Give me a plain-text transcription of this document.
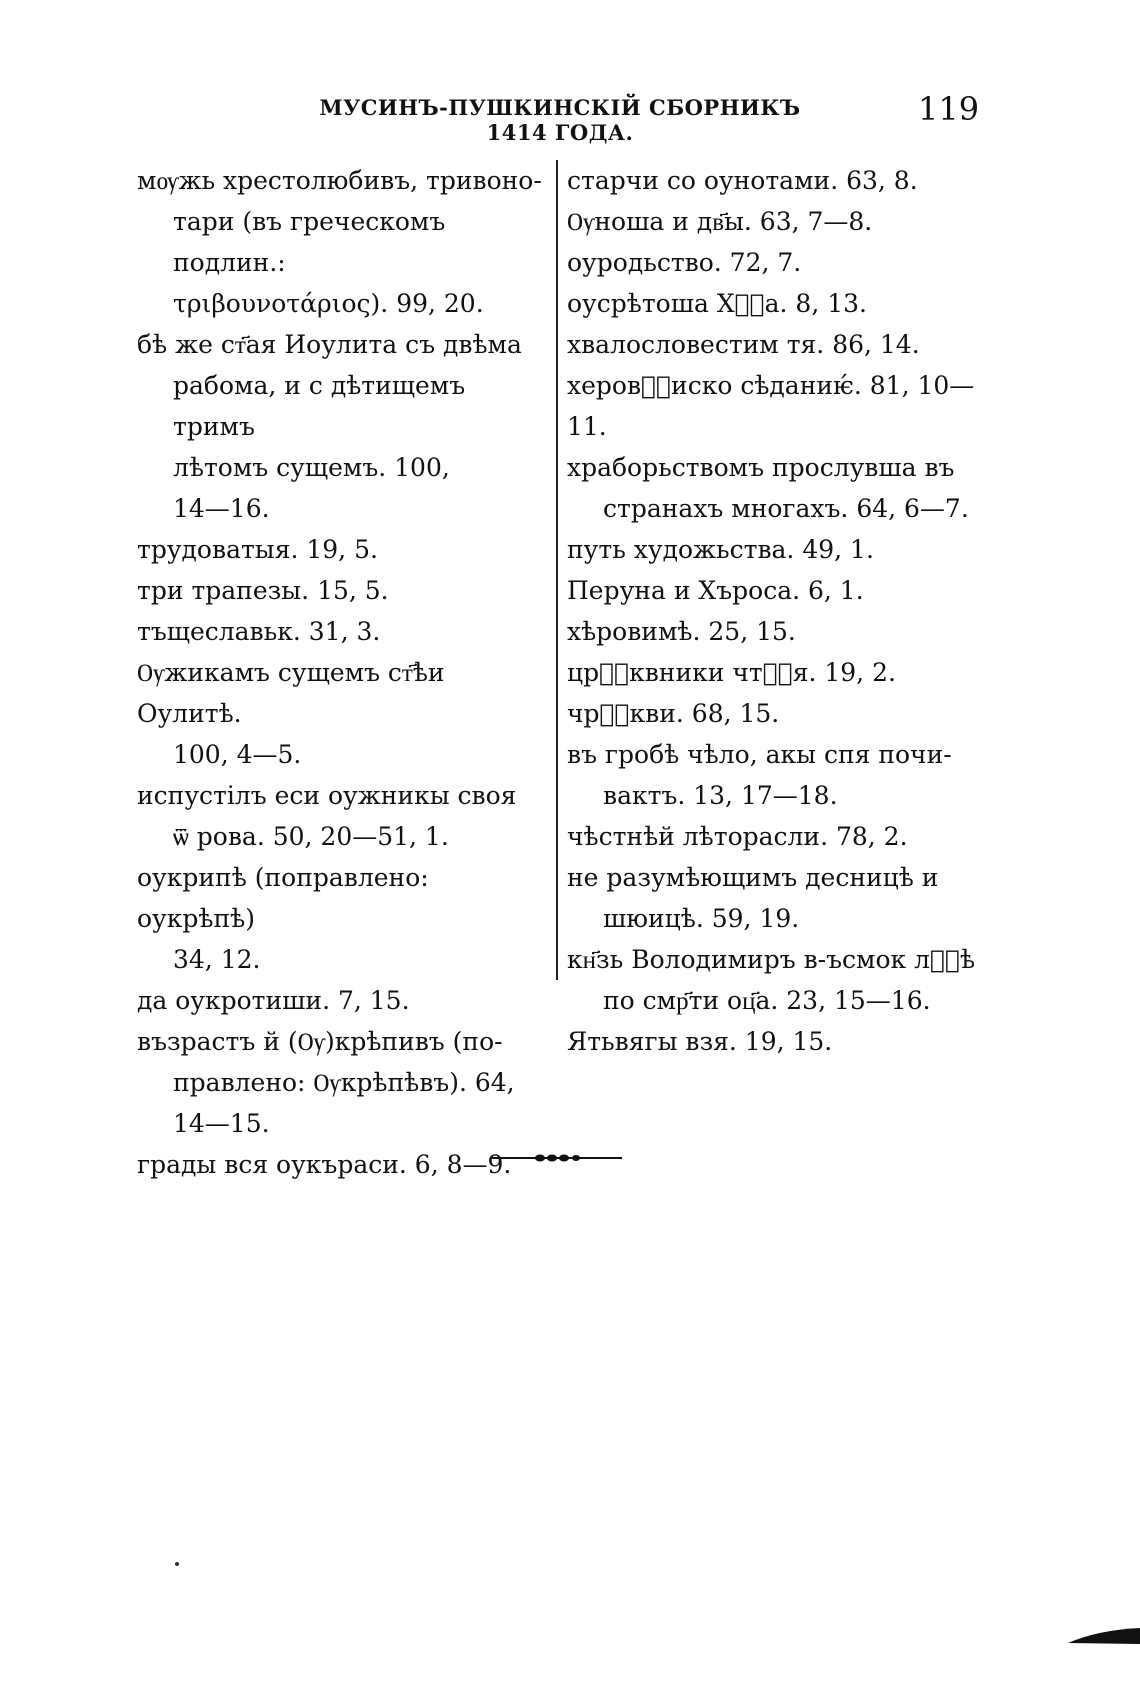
МУСИНЪ-ПУШКИНСКІЙ СБОРНИКЪ 1414 ГОДА.
119
мѹжь хрестолюбивъ, тривоно-

тари (въ греческомъ подлин.:
τριβουνοτάριος). 99, 20.
бѣ же ст҃ая Иоулита съ двѣма

рабома, и с дѣтищемъ тримъ
лѣтомъ сущемъ. 100,
14—16.
трудоватыя. 19, 5.
три трапезы. 15, 5.
тъщеславьк. 31, 3.
Ѹжикамъ сущемъ ст҃ѣи Оулитѣ.

100, 4—5.
испустілъ еси оужникы своя

ѿ рова. 50, 20—51, 1.
оукрипѣ (поправлено: оукрѣпѣ)

34, 12.
да оукротиши. 7, 15.
възрастъ й (Ѹ)крѣпивъ (по-

правлено: Ѹкрѣпѣвъ). 64,
14—15.
грады вся оукъраси. 6, 8—9.
старчи со оунотами. 63, 8.
Ѹноша и дв҃ы. 63, 7—8.
оуродьство. 72, 7.
оусрѣтоша Хⷭ҇а. 8, 13.
хвалословестим тя. 86, 14.
херовⷭ҇иско сѣданиѥ́. 81, 10—11.
храборьствомъ прослувша въ

странахъ многахъ. 64, 6—7.
путь художьства. 49, 1.
Перуна и Хъроса. 6, 1.
хѣровимѣ. 25, 15.
црⷭ҇квники чтⷭ҇я. 19, 2.
чрⷭ҇кви. 68, 15.
въ гробѣ чѣло, акы спя почи-

вактъ. 13, 17—18.
чѣстнѣй лѣторасли. 78, 2.
не разумѣющимъ десницѣ и

шюицѣ. 59, 19.
кн҃зь Володимиръ в-ъсмок лⷮ҇ѣ

по смр҃ти оц҃а. 23, 15—16.
Ятьвягы взя. 19, 15.
